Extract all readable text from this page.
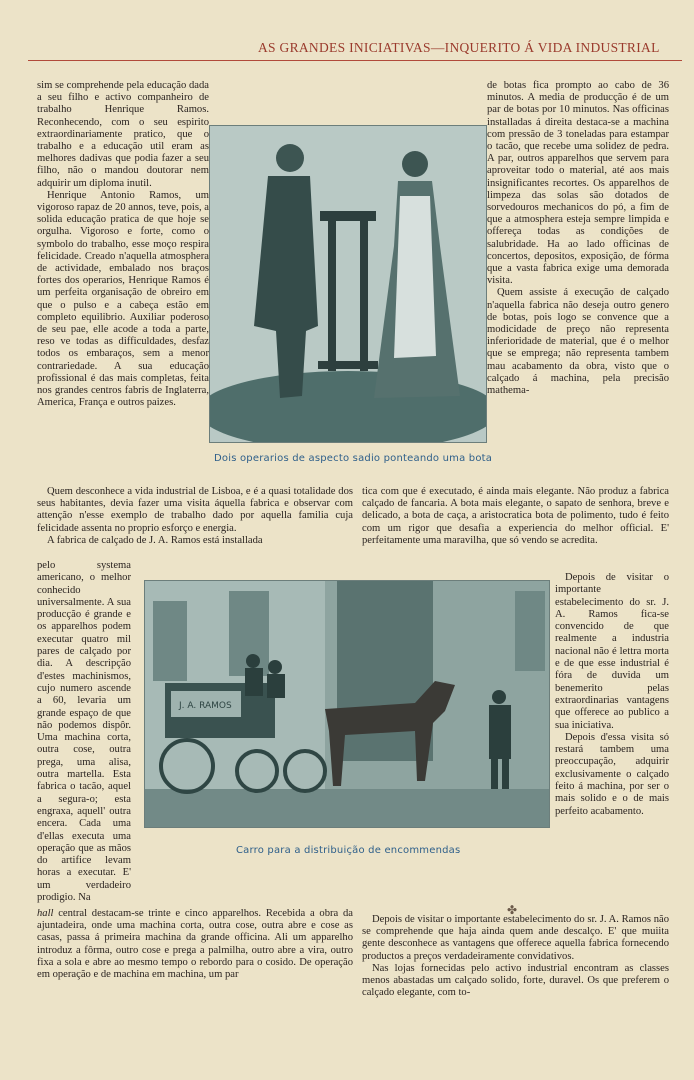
AS GRANDES INICIATIVAS—INQUERITO Á VIDA INDUSTRIAL

sim se comprehende pela educação dada a seu filho e activo companheiro de trabalho Henrique Ramos. Reconhecendo, com o seu espirito extraordinariamente pratico, que o trabalho e a educação util eram as melhores dadivas que podia fazer a seu filho, não o mandou doutorar nem adquirir um diploma inutil.

Henrique Antonio Ramos, um vigoroso rapaz de 20 annos, teve, pois, a solida educação pratica de que hoje se orgulha. Vigoroso e forte, como o symbolo do trabalho, esse moço respira felicidade. Creado n'aquella atmosphera de actividade, embalado nos braços fortes dos operarios, Henrique Ramos é um perfeita organisação de obreiro em que o pulso e a cabeça estão em completo equilibrio. Auxiliar poderoso de seu pae, elle acode a toda a parte, reso ve todas as difficuldades, desfaz todos os embaraços, sem a menor contrariedade. A sua educação profissional é das mais completas, feita nos grandes centros fabris de Inglaterra, America, França e outros paizes.

Dois operarios de aspecto sadio ponteando uma bota

de botas fica prompto ao cabo de 36 minutos. A media de producção é de um par de botas por 10 minutos. Nas officinas installadas á direita destaca-se a machina com pressão de 3 toneladas para estampar o tacão, que recebe uma solidez de pedra. A par, outros apparelhos que servem para aproveitar todo o material, até aos mais insignificantes recortes. Os apparelhos de limpeza das solas são dotados de sorvedouros mechanicos do pó, a fim de que a atmosphera esteja sempre limpida e offereça todas as condições de salubridade. Ha ao lado officinas de concertos, depositos, exposição, de fórma que a vasta fabrica exige uma demorada visita.

Quem assiste á execução de calçado n'aquella fabrica não deseja outro genero de botas, pois logo se convence que a modicidade de preço não representa inferioridade de material, que é o melhor que se emprega; não representa tambem mau acabamento da obra, visto que o calçado á machina, pela precisão mathema-

Quem desconhece a vida industrial de Lisboa, e é a quasi totalidade dos seus habitantes, devia fazer uma visita áquella fabrica e observar com attenção n'esse exemplo de trabalho dado por aquella familia cuja felicidade assenta no proprio esforço e energia.

A fabrica de calçado de J. A. Ramos está installada

tica com que é executado, é ainda mais elegante. Não produz a fabrica calçado de fancaria. A bota mais elegante, o sapato de senhora, breve e delicado, a bota de caça, a aristocratica bota de polimento, tudo é feito com um rigor que desafia a experiencia do melhor official. E' perfeitamente uma maravilha, que só vendo se acredita.

pelo systema americano, o melhor conhecido universalmente. A sua producção é grande e os apparelhos podem executar quatro mil pares de calçado por dia. A descripção d'estes machinismos, cujo numero ascende a 60, levaria um grande espaço de que não podemos dispôr. Uma machina corta, outra cose, outra prega, uma alisa, outra martella. Esta fabrica o tacão, aquel a segura-o; esta engraxa, aquell' outra encera. Cada uma d'ellas executa uma operação que as mãos do artifice levam horas a executar. E' um verdadeiro prodigio. Na

J. A. RAMOS
Carro para a distribuição de encommendas

Depois de visitar o importante estabelecimento do sr. J. A. Ramos fica-se convencido de que realmente a industria nacional não é lettra morta e de que esse industrial é fóra de duvida um benemerito pelas extraordinarias vantagens que offerece ao publico a sua iniciativa.

Depois d'essa visita só restará tambem uma preoccupação, adquirir exclusivamente o calçado feito á machina, por ser o mais solido e o de mais perfeito acabamento.

hall central destacam-se trinte e cinco apparelhos. Recebida a obra da ajuntadeira, onde uma machina corta, outra cose, outra abre e cose as casas, passa á primeira machina da grande officina. Ali um apparelho introduz a fôrma, outro cose e prega a palmilha, outro abre a vira, outro fixa a sola e abre ao mesmo tempo o rebordo para o cosido. De operação em operação e de machina em machina, um par

✤

Depois de visitar o importante estabelecimento do sr. J. A. Ramos não se comprehende que haja ainda quem ande descalço. E' que muiita gente desconhece as vantagens que offerece aquella fabrica fornecendo productos a preços verdadeiramente convidativos.

Nas lojas fornecidas pelo activo industrial encontram as classes menos abastadas um calçado solido, forte, duravel. Os que preferem o calçado elegante, com to-
